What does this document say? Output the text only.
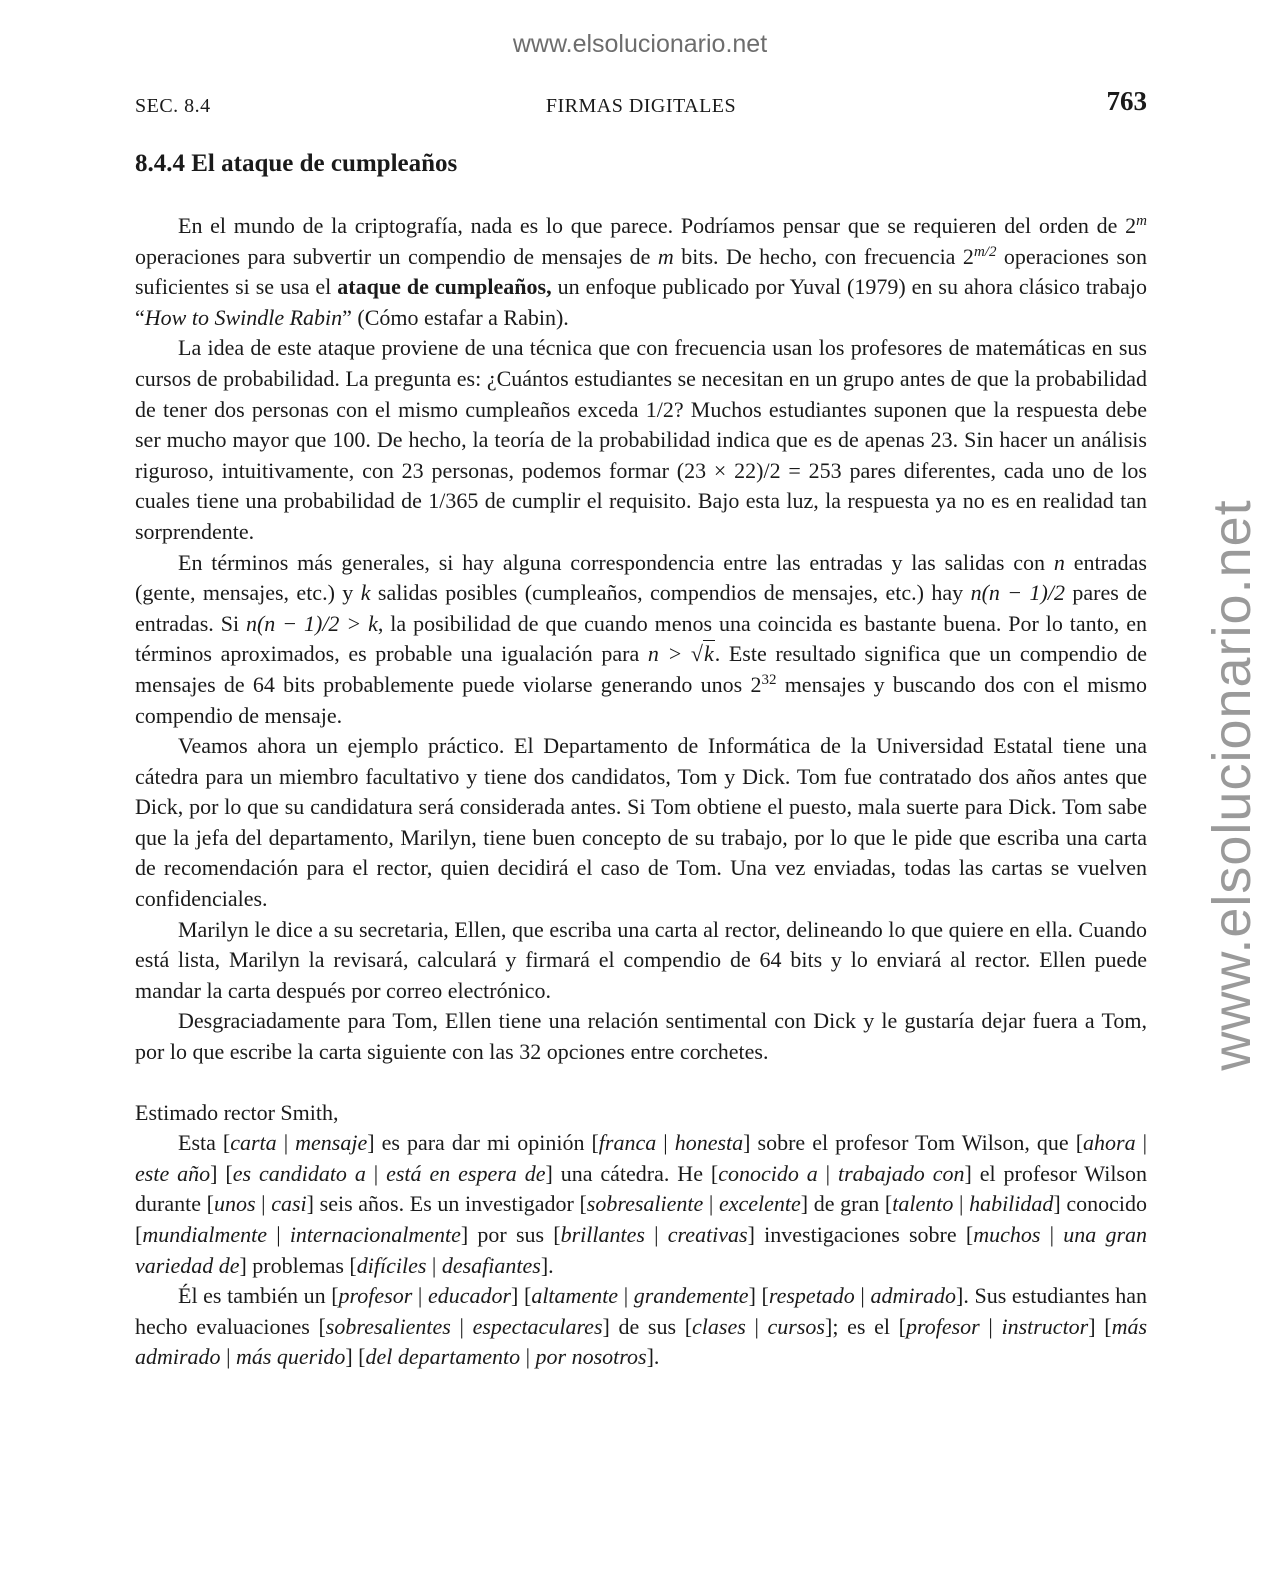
www.elsolucionario.net
www.elsolucionario.net
SEC. 8.4	FIRMAS DIGITALES	763
8.4.4 El ataque de cumpleaños

En el mundo de la criptografía, nada es lo que parece. Podríamos pensar que se requieren del orden de 2$^m$ operaciones para subvertir un compendio de mensajes de m bits. De hecho, con frecuencia $2^{m/2}$ operaciones son suficientes si se usa el ataque de cumpleaños, un enfoque publicado por Yuval (1979) en su ahora clásico trabajo “How to Swindle Rabin” (Cómo estafar a Rabin).

La idea de este ataque proviene de una técnica que con frecuencia usan los profesores de matemáticas en sus cursos de probabilidad. La pregunta es: ¿Cuántos estudiantes se necesitan en un grupo antes de que la probabilidad de tener dos personas con el mismo cumpleaños exceda 1/2? Muchos estudiantes suponen que la respuesta debe ser mucho mayor que 100. De hecho, la teoría de la probabilidad indica que es de apenas 23. Sin hacer un análisis riguroso, intuitivamente, con 23 personas, podemos formar (23 × 22)/2 = 253 pares diferentes, cada uno de los cuales tiene una probabilidad de 1/365 de cumplir el requisito. Bajo esta luz, la respuesta ya no es en realidad tan sorprendente.

En términos más generales, si hay alguna correspondencia entre las entradas y las salidas con n entradas (gente, mensajes, etc.) y k salidas posibles (cumpleaños, compendios de mensajes, etc.) hay n(n − 1)/2 pares de entradas. Si n(n − 1)/2 > k, la posibilidad de que cuando menos una coincida es bastante buena. Por lo tanto, en términos aproximados, es probable una igualación para n > √k. Este resultado significa que un compendio de mensajes de 64 bits probablemente puede violarse generando unos $2^{32}$ mensajes y buscando dos con el mismo compendio de mensaje.

Veamos ahora un ejemplo práctico. El Departamento de Informática de la Universidad Estatal tiene una cátedra para un miembro facultativo y tiene dos candidatos, Tom y Dick. Tom fue contratado dos años antes que Dick, por lo que su candidatura será considerada antes. Si Tom obtiene el puesto, mala suerte para Dick. Tom sabe que la jefa del departamento, Marilyn, tiene buen concepto de su trabajo, por lo que le pide que escriba una carta de recomendación para el rector, quien decidirá el caso de Tom. Una vez enviadas, todas las cartas se vuelven confidenciales.

Marilyn le dice a su secretaria, Ellen, que escriba una carta al rector, delineando lo que quiere en ella. Cuando está lista, Marilyn la revisará, calculará y firmará el compendio de 64 bits y lo enviará al rector. Ellen puede mandar la carta después por correo electrónico.

Desgraciadamente para Tom, Ellen tiene una relación sentimental con Dick y le gustaría dejar fuera a Tom, por lo que escribe la carta siguiente con las 32 opciones entre corchetes.

Estimado rector Smith,

Esta [carta | mensaje] es para dar mi opinión [franca | honesta] sobre el profesor Tom Wilson, que [ahora | este año] [es candidato a | está en espera de] una cátedra. He [conocido a | trabajado con] el profesor Wilson durante [unos | casi] seis años. Es un investigador [sobresaliente | excelente] de gran [talento | habilidad] conocido [mundialmente | internacionalmente] por sus [brillantes | creativas] investigaciones sobre [muchos | una gran variedad de] problemas [difíciles | desafiantes].

Él es también un [profesor | educador] [altamente | grandemente] [respetado | admirado]. Sus estudiantes han hecho evaluaciones [sobresalientes | espectaculares] de sus [clases | cursos]; es el [profesor | instructor] [más admirado | más querido] [del departamento | por nosotros].
